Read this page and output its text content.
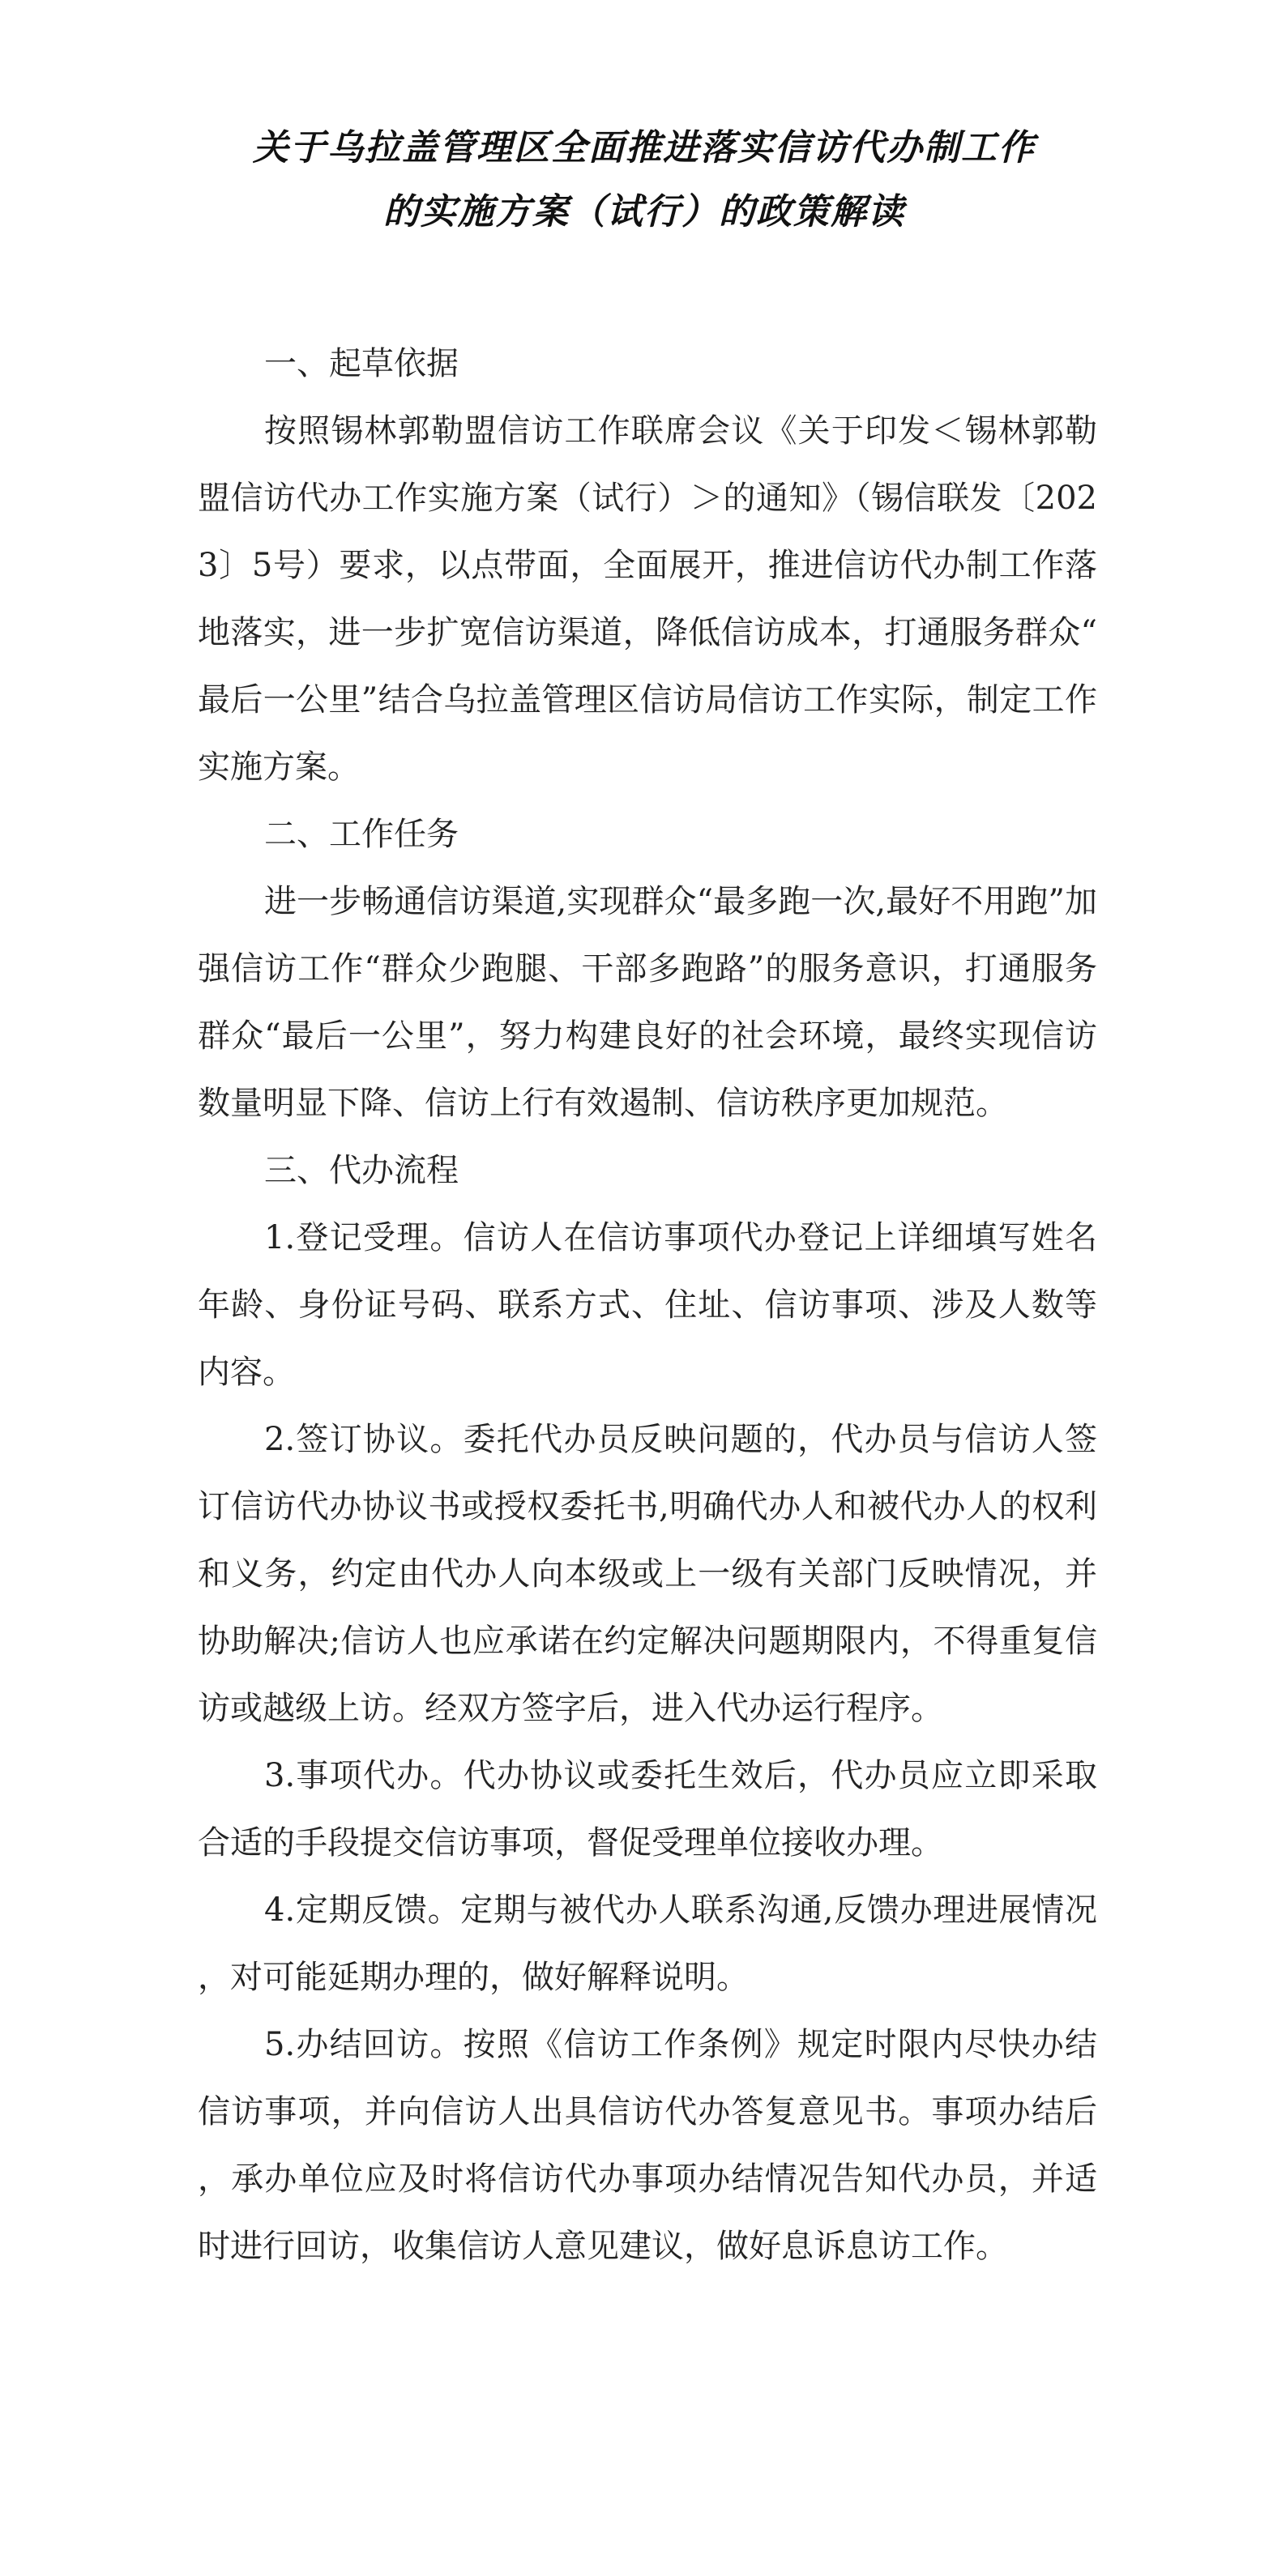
关于乌拉盖管理区全面推进落实信访代办制工作
的实施方案（试行）的政策解读

一、起草依据

按照锡林郭勒盟信访工作联席会议《关于印发＜锡林郭勒盟信访代办工作实施方案（试行）＞的通知》（锡信联发〔2023〕5号）要求，以点带面，全面展开，推进信访代办制工作落地落实，进一步扩宽信访渠道，降低信访成本，打通服务群众“最后一公里”结合乌拉盖管理区信访局信访工作实际，制定工作实施方案。

二、工作任务

进一步畅通信访渠道,实现群众“最多跑一次,最好不用跑”加强信访工作“群众少跑腿、干部多跑路”的服务意识，打通服务群众“最后一公里”，努力构建良好的社会环境，最终实现信访数量明显下降、信访上行有效遏制、信访秩序更加规范。

三、代办流程

1.登记受理。信访人在信访事项代办登记上详细填写姓名年龄、身份证号码、联系方式、住址、信访事项、涉及人数等内容。

2.签订协议。委托代办员反映问题的，代办员与信访人签订信访代办协议书或授权委托书,明确代办人和被代办人的权利和义务，约定由代办人向本级或上一级有关部门反映情况，并协助解决;信访人也应承诺在约定解决问题期限内，不得重复信访或越级上访。经双方签字后，进入代办运行程序。

3.事项代办。代办协议或委托生效后，代办员应立即采取合适的手段提交信访事项，督促受理单位接收办理。

4.定期反馈。定期与被代办人联系沟通,反馈办理进展情况，对可能延期办理的，做好解释说明。

5.办结回访。按照《信访工作条例》规定时限内尽快办结信访事项，并向信访人出具信访代办答复意见书。事项办结后，承办单位应及时将信访代办事项办结情况告知代办员，并适时进行回访，收集信访人意见建议，做好息诉息访工作。
